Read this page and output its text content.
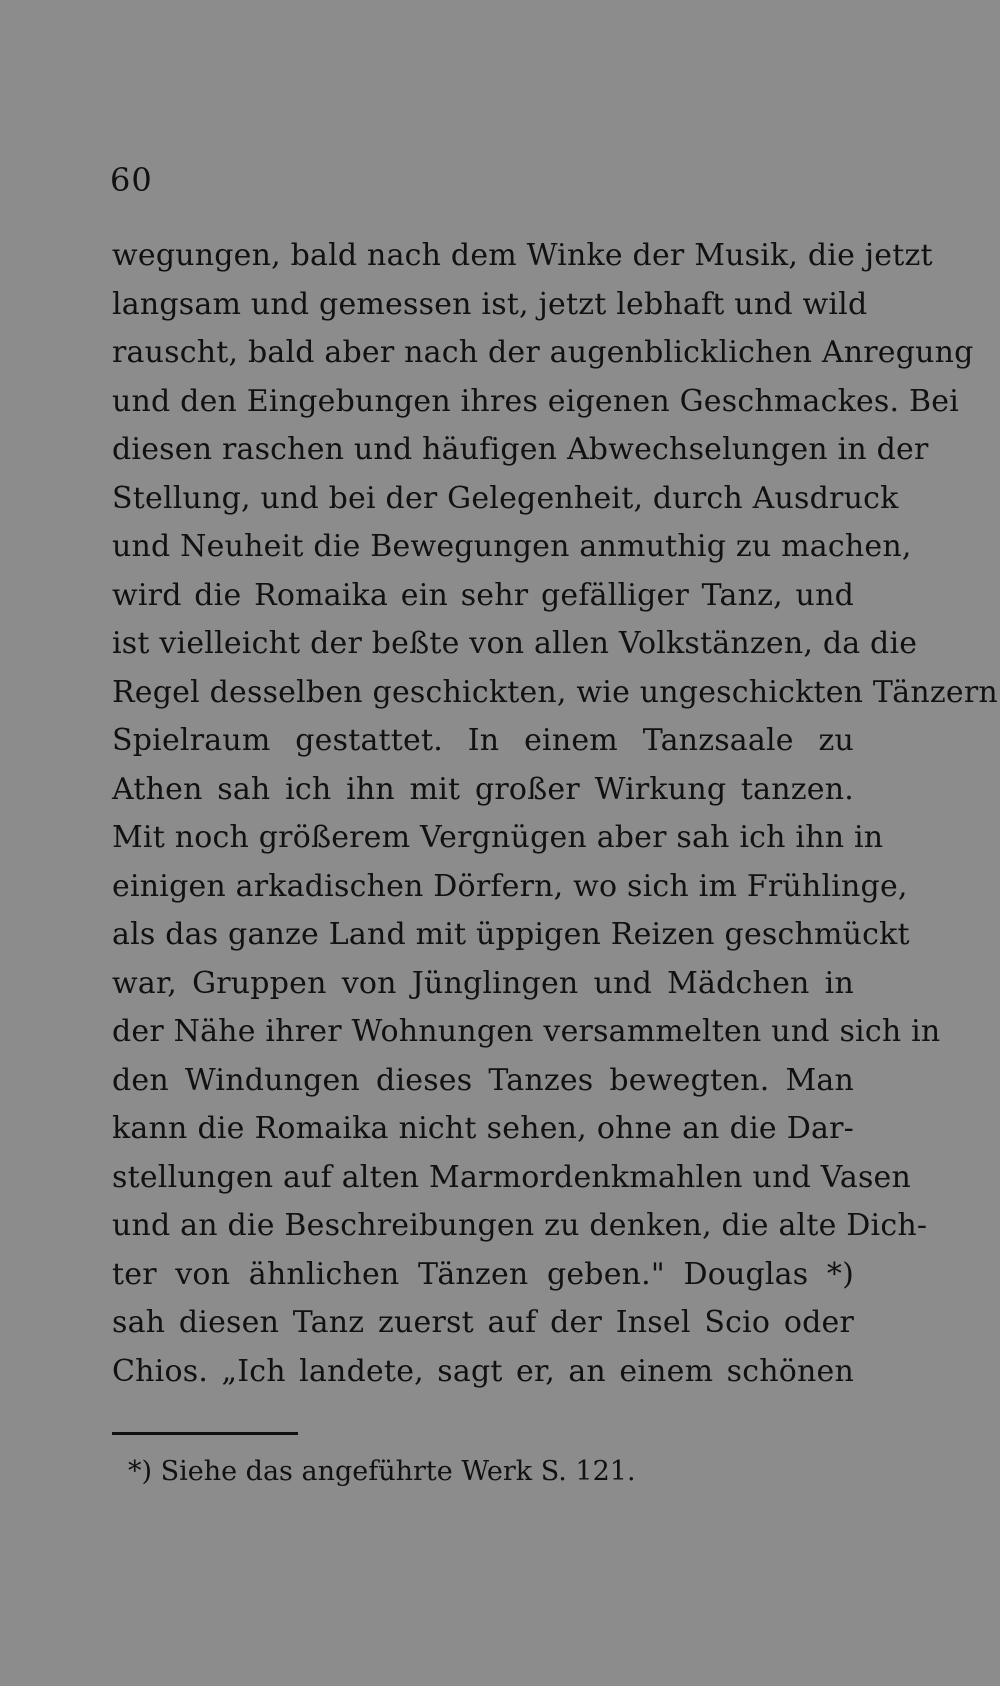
60
wegungen, bald nach dem Winke der Musik, die jetzt
langsam und gemessen ist, jetzt lebhaft und wild
rauscht, bald aber nach der augenblicklichen Anregung
und den Eingebungen ihres eigenen Geschmackes. Bei
diesen raschen und häufigen Abwechselungen in der
Stellung, und bei der Gelegenheit, durch Ausdruck
und Neuheit die Bewegungen anmuthig zu machen,
wird die Romaika ein sehr gefälliger Tanz, und
ist vielleicht der beßte von allen Volkstänzen, da die
Regel desselben geschickten, wie ungeschickten Tänzern
Spielraum gestattet. In einem Tanzsaale zu
Athen sah ich ihn mit großer Wirkung tanzen.
Mit noch größerem Vergnügen aber sah ich ihn in
einigen arkadischen Dörfern, wo sich im Frühlinge,
als das ganze Land mit üppigen Reizen geschmückt
war, Gruppen von Jünglingen und Mädchen in
der Nähe ihrer Wohnungen versammelten und sich in
den Windungen dieses Tanzes bewegten. Man
kann die Romaika nicht sehen, ohne an die Dar-
stellungen auf alten Marmordenkmahlen und Vasen
und an die Beschreibungen zu denken, die alte Dich-
ter von ähnlichen Tänzen geben." Douglas *)
sah diesen Tanz zuerst auf der Insel Scio oder
Chios. „Ich landete, sagt er, an einem schönen
*) Siehe das angeführte Werk S. 121.
